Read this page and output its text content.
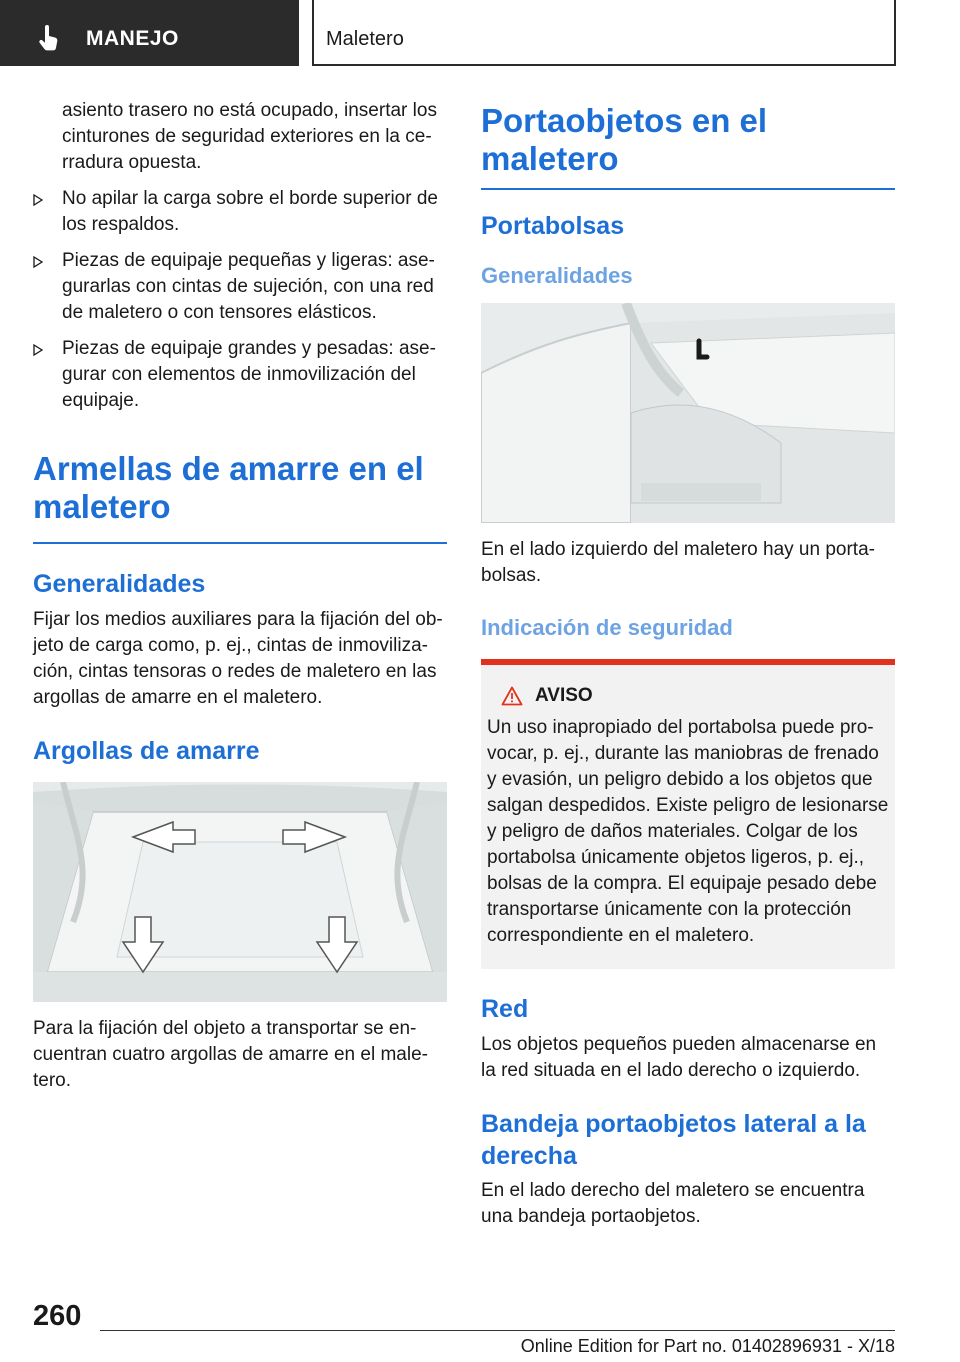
MANEJO	Maletero

asiento trasero no está ocupado, insertar los cinturones de seguridad exteriores en la ce-rradura opuesta.

No apilar la carga sobre el borde superior de los respaldos.
Piezas de equipaje pequeñas y ligeras: ase-gurarlas con cintas de sujeción, con una red de maletero o con tensores elásticos.
Piezas de equipaje grandes y pesadas: ase-gurar con elementos de inmovilización del equipaje.
Armellas de amarre en el maletero
Generalidades

Fijar los medios auxiliares para la fijación del ob-jeto de carga como, p. ej., cintas de inmoviliza-ción, cintas tensoras o redes de maletero en las argollas de amarre en el maletero.

Argollas de amarre

Para la fijación del objeto a transportar se en-cuentran cuatro argollas de amarre en el male-tero.

Portaobjetos en el maletero
Portabolsas
Generalidades

En el lado izquierdo del maletero hay un porta-bolsas.

Indicación de seguridad
AVISO

Un uso inapropiado del portabolsa puede pro-vocar, p. ej., durante las maniobras de frenado y evasión, un peligro debido a los objetos que salgan despedidos. Existe peligro de lesionarse y peligro de daños materiales. Colgar de los portabolsa únicamente objetos ligeros, p. ej., bolsas de la compra. El equipaje pesado debe transportarse únicamente con la protección correspondiente en el maletero.

Red

Los objetos pequeños pueden almacenarse en la red situada en el lado derecho o izquierdo.

Bandeja portaobjetos lateral a la derecha

En el lado derecho del maletero se encuentra una bandeja portaobjetos.

260
Online Edition for Part no. 01402896931 - X/18
